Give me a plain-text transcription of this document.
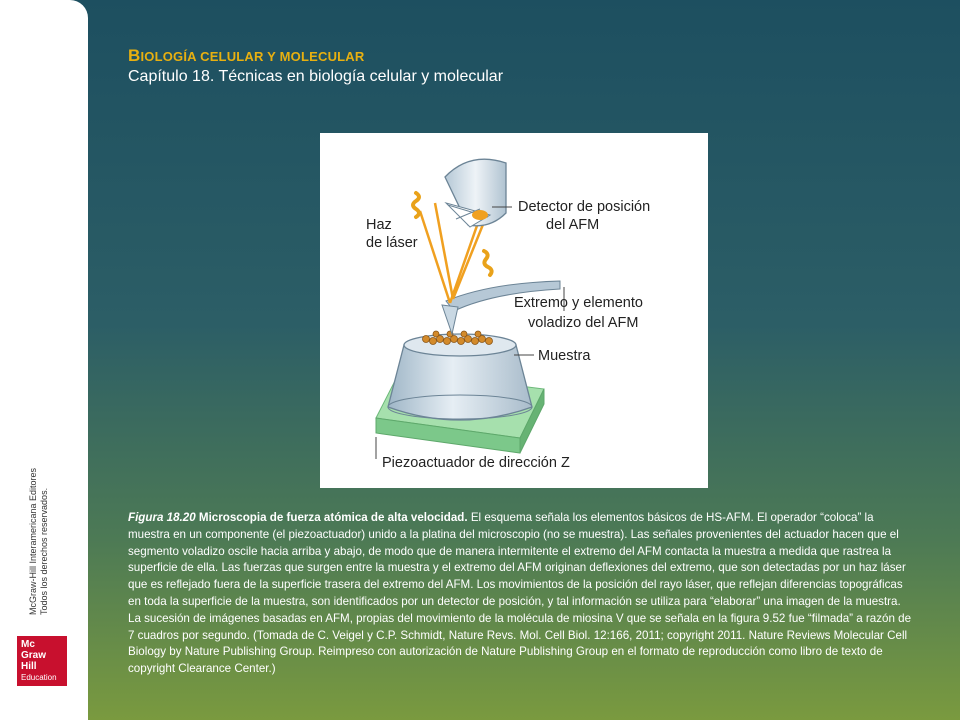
McGraw-Hill Interamericana Editores Todos los derechos reservados.
Mc
Graw
Hill
Education
BIOLOGÍA CELULAR Y MOLECULAR
Capítulo 18. Técnicas en biología celular y molecular
Haz
de láser
Detector de posición
del AFM
Extremo y elemento
voladizo del AFM
Muestra
Piezoactuador de dirección Z
Figura 18.20 Microscopia de fuerza atómica de alta velocidad. El esquema señala los elementos básicos de HS-AFM. El operador “coloca” la muestra en un componente (el piezoactuador) unido a la platina del microscopio (no se muestra). Las señales provenientes del actuador hacen que el segmento voladizo oscile hacia arriba y abajo, de modo que de manera intermitente el extremo del AFM contacta la muestra a medida que rastrea la superficie de ella. Las fuerzas que surgen entre la muestra y el extremo del AFM originan deflexiones del extremo, que son detectadas por un haz láser que es reflejado fuera de la superficie trasera del extremo del AFM. Los movimientos de la posición del rayo láser, que reflejan diferencias topográficas en toda la superficie de la muestra, son identificados por un detector de posición, y tal información se utiliza para “elaborar” una imagen de la muestra. La sucesión de imágenes basadas en AFM, propias del movimiento de la molécula de miosina V que se señala en la figura 9.52 fue “filmada” a razón de 7 cuadros por segundo. (Tomada de C. Veigel y C.P. Schmidt, Nature Revs. Mol. Cell Biol. 12:166, 2011; copyright 2011. Nature Reviews Molecular Cell Biology by Nature Publishing Group. Reimpreso con autorización de Nature Publishing Group en el formato de reproducción como libro de texto de copyright Clearance Center.)
